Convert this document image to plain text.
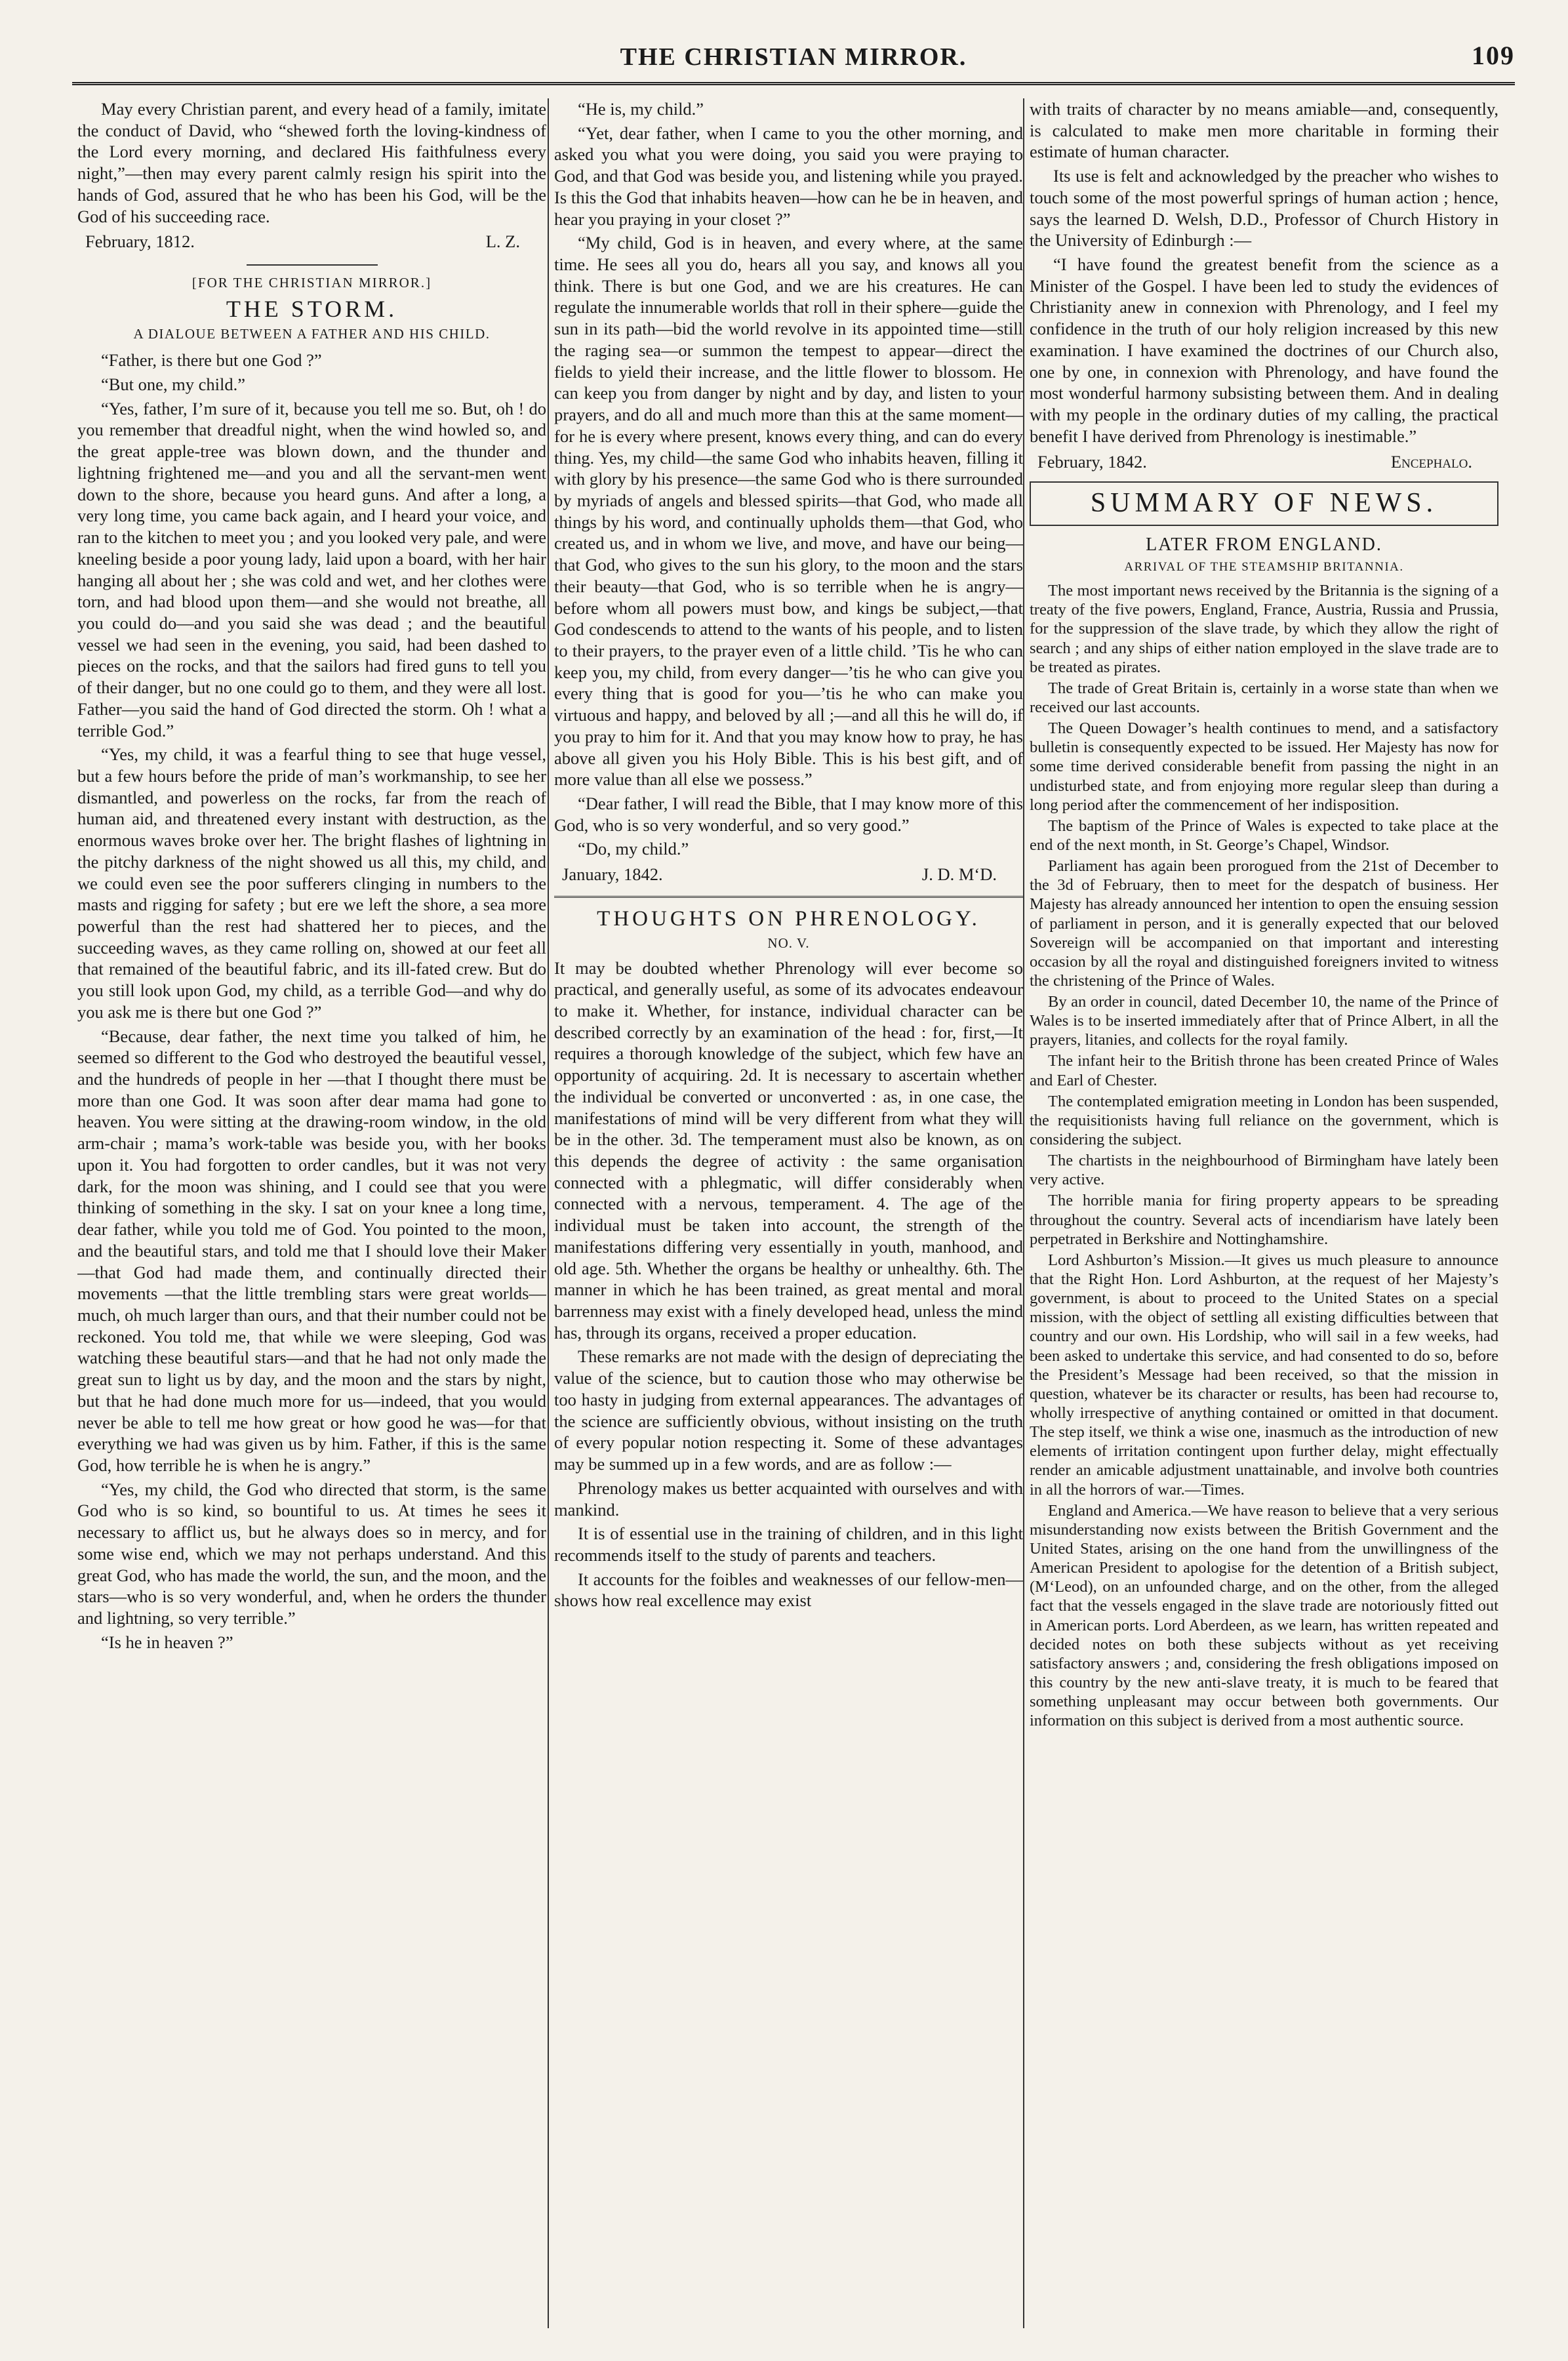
THE CHRISTIAN MIRROR.	109

May every Christian parent, and every head of a family, imitate the conduct of David, who “shewed forth the loving-kindness of the Lord every morning, and declared His faithfulness every night,”—then may every parent calmly resign his spirit into the hands of God, assured that he who has been his God, will be the God of his succeeding race.

February, 1812.	L. Z.
[FOR THE CHRISTIAN MIRROR.]
THE STORM.
A DIALOUE BETWEEN A FATHER AND HIS CHILD.

“Father, is there but one God ?”

“But one, my child.”

“Yes, father, I’m sure of it, because you tell me so. But, oh ! do you remember that dreadful night, when the wind howled so, and the great apple-tree was blown down, and the thunder and lightning frightened me—and you and all the servant-men went down to the shore, because you heard guns. And after a long, a very long time, you came back again, and I heard your voice, and ran to the kitchen to meet you ; and you looked very pale, and were kneeling beside a poor young lady, laid upon a board, with her hair hanging all about her ; she was cold and wet, and her clothes were torn, and had blood upon them—and she would not breathe, all you could do—and you said she was dead ; and the beautiful vessel we had seen in the evening, you said, had been dashed to pieces on the rocks, and that the sailors had fired guns to tell you of their danger, but no one could go to them, and they were all lost. Father—you said the hand of God directed the storm. Oh ! what a terrible God.”

“Yes, my child, it was a fearful thing to see that huge vessel, but a few hours before the pride of man’s workmanship, to see her dismantled, and powerless on the rocks, far from the reach of human aid, and threatened every instant with destruction, as the enormous waves broke over her. The bright flashes of lightning in the pitchy darkness of the night showed us all this, my child, and we could even see the poor sufferers clinging in numbers to the masts and rigging for safety ; but ere we left the shore, a sea more powerful than the rest had shattered her to pieces, and the succeeding waves, as they came rolling on, showed at our feet all that remained of the beautiful fabric, and its ill-fated crew. But do you still look upon God, my child, as a terrible God—and why do you ask me is there but one God ?”

“Because, dear father, the next time you talked of him, he seemed so different to the God who destroyed the beautiful vessel, and the hundreds of people in her —that I thought there must be more than one God. It was soon after dear mama had gone to heaven. You were sitting at the drawing-room window, in the old arm-chair ; mama’s work-table was beside you, with her books upon it. You had forgotten to order candles, but it was not very dark, for the moon was shining, and I could see that you were thinking of something in the sky. I sat on your knee a long time, dear father, while you told me of God. You pointed to the moon, and the beautiful stars, and told me that I should love their Maker—that God had made them, and continually directed their movements —that the little trembling stars were great worlds—much, oh much larger than ours, and that their number could not be reckoned. You told me, that while we were sleeping, God was watching these beautiful stars—and that he had not only made the great sun to light us by day, and the moon and the stars by night, but that he had done much more for us—indeed, that you would never be able to tell me how great or how good he was—for that everything we had was given us by him. Father, if this is the same God, how terrible he is when he is angry.”

“Yes, my child, the God who directed that storm, is the same God who is so kind, so bountiful to us. At times he sees it necessary to afflict us, but he always does so in mercy, and for some wise end, which we may not perhaps understand. And this great God, who has made the world, the sun, and the moon, and the stars—who is so very wonderful, and, when he orders the thunder and lightning, so very terrible.”

“Is he in heaven ?”

“He is, my child.”

“Yet, dear father, when I came to you the other morning, and asked you what you were doing, you said you were praying to God, and that God was beside you, and listening while you prayed. Is this the God that inhabits heaven—how can he be in heaven, and hear you praying in your closet ?”

“My child, God is in heaven, and every where, at the same time. He sees all you do, hears all you say, and knows all you think. There is but one God, and we are his creatures. He can regulate the innumerable worlds that roll in their sphere—guide the sun in its path—bid the world revolve in its appointed time—still the raging sea—or summon the tempest to appear—direct the fields to yield their increase, and the little flower to blossom. He can keep you from danger by night and by day, and listen to your prayers, and do all and much more than this at the same moment—for he is every where present, knows every thing, and can do every thing. Yes, my child—the same God who inhabits heaven, filling it with glory by his presence—the same God who is there surrounded by myriads of angels and blessed spirits—that God, who made all things by his word, and continually upholds them—that God, who created us, and in whom we live, and move, and have our being—that God, who gives to the sun his glory, to the moon and the stars their beauty—that God, who is so terrible when he is angry—before whom all powers must bow, and kings be subject,—that God condescends to attend to the wants of his people, and to listen to their prayers, to the prayer even of a little child. ’Tis he who can keep you, my child, from every danger—’tis he who can give you every thing that is good for you—’tis he who can make you virtuous and happy, and beloved by all ;—and all this he will do, if you pray to him for it. And that you may know how to pray, he has above all given you his Holy Bible. This is his best gift, and of more value than all else we possess.”

“Dear father, I will read the Bible, that I may know more of this God, who is so very wonderful, and so very good.”

“Do, my child.”

January, 1842.	J. D. M‘D.
THOUGHTS ON PHRENOLOGY.
NO. V.

It may be doubted whether Phrenology will ever become so practical, and generally useful, as some of its advocates endeavour to make it. Whether, for instance, individual character can be described correctly by an examination of the head : for, first,—It requires a thorough knowledge of the subject, which few have an opportunity of acquiring. 2d. It is necessary to ascertain whether the individual be converted or unconverted : as, in one case, the manifestations of mind will be very different from what they will be in the other. 3d. The temperament must also be known, as on this depends the degree of activity : the same organisation connected with a phlegmatic, will differ considerably when connected with a nervous, temperament. 4. The age of the individual must be taken into account, the strength of the manifestations differing very essentially in youth, manhood, and old age. 5th. Whether the organs be healthy or unhealthy. 6th. The manner in which he has been trained, as great mental and moral barrenness may exist with a finely developed head, unless the mind has, through its organs, received a proper education.

These remarks are not made with the design of depreciating the value of the science, but to caution those who may otherwise be too hasty in judging from external appearances. The advantages of the science are sufficiently obvious, without insisting on the truth of every popular notion respecting it. Some of these advantages may be summed up in a few words, and are as follow :—

Phrenology makes us better acquainted with ourselves and with mankind.

It is of essential use in the training of children, and in this light recommends itself to the study of parents and teachers.

It accounts for the foibles and weaknesses of our fellow-men—shows how real excellence may exist

with traits of character by no means amiable—and, consequently, is calculated to make men more charitable in forming their estimate of human character.

Its use is felt and acknowledged by the preacher who wishes to touch some of the most powerful springs of human action ; hence, says the learned D. Welsh, D.D., Professor of Church History in the University of Edinburgh :—

“I have found the greatest benefit from the science as a Minister of the Gospel. I have been led to study the evidences of Christianity anew in connexion with Phrenology, and I feel my confidence in the truth of our holy religion increased by this new examination. I have examined the doctrines of our Church also, one by one, in connexion with Phrenology, and have found the most wonderful harmony subsisting between them. And in dealing with my people in the ordinary duties of my calling, the practical benefit I have derived from Phrenology is inestimable.”

February, 1842.	Encephalo.
SUMMARY OF NEWS.
LATER FROM ENGLAND.
ARRIVAL OF THE STEAMSHIP BRITANNIA.

The most important news received by the Britannia is the signing of a treaty of the five powers, England, France, Austria, Russia and Prussia, for the suppression of the slave trade, by which they allow the right of search ; and any ships of either nation employed in the slave trade are to be treated as pirates.

The trade of Great Britain is, certainly in a worse state than when we received our last accounts.

The Queen Dowager’s health continues to mend, and a satisfactory bulletin is consequently expected to be issued. Her Majesty has now for some time derived considerable benefit from passing the night in an undisturbed state, and from enjoying more regular sleep than during a long period after the commencement of her indisposition.

The baptism of the Prince of Wales is expected to take place at the end of the next month, in St. George’s Chapel, Windsor.

Parliament has again been prorogued from the 21st of December to the 3d of February, then to meet for the despatch of business. Her Majesty has already announced her intention to open the ensuing session of parliament in person, and it is generally expected that our beloved Sovereign will be accompanied on that important and interesting occasion by all the royal and distinguished foreigners invited to witness the christening of the Prince of Wales.

By an order in council, dated December 10, the name of the Prince of Wales is to be inserted immediately after that of Prince Albert, in all the prayers, litanies, and collects for the royal family.

The infant heir to the British throne has been created Prince of Wales and Earl of Chester.

The contemplated emigration meeting in London has been suspended, the requisitionists having full reliance on the government, which is considering the subject.

The chartists in the neighbourhood of Birmingham have lately been very active.

The horrible mania for firing property appears to be spreading throughout the country. Several acts of incendiarism have lately been perpetrated in Berkshire and Nottinghamshire.

Lord Ashburton’s Mission.—It gives us much pleasure to announce that the Right Hon. Lord Ashburton, at the request of her Majesty’s government, is about to proceed to the United States on a special mission, with the object of settling all existing difficulties between that country and our own. His Lordship, who will sail in a few weeks, had been asked to undertake this service, and had consented to do so, before the President’s Message had been received, so that the mission in question, whatever be its character or results, has been had recourse to, wholly irrespective of anything contained or omitted in that document. The step itself, we think a wise one, inasmuch as the introduction of new elements of irritation contingent upon further delay, might effectually render an amicable adjustment unattainable, and involve both countries in all the horrors of war.—Times.

England and America.—We have reason to believe that a very serious misunderstanding now exists between the British Government and the United States, arising on the one hand from the unwillingness of the American President to apologise for the detention of a British subject, (M‘Leod), on an unfounded charge, and on the other, from the alleged fact that the vessels engaged in the slave trade are notoriously fitted out in American ports. Lord Aberdeen, as we learn, has written repeated and decided notes on both these subjects without as yet receiving satisfactory answers ; and, considering the fresh obligations imposed on this country by the new anti-slave treaty, it is much to be feared that something unpleasant may occur between both governments. Our information on this subject is derived from a most authentic source.
